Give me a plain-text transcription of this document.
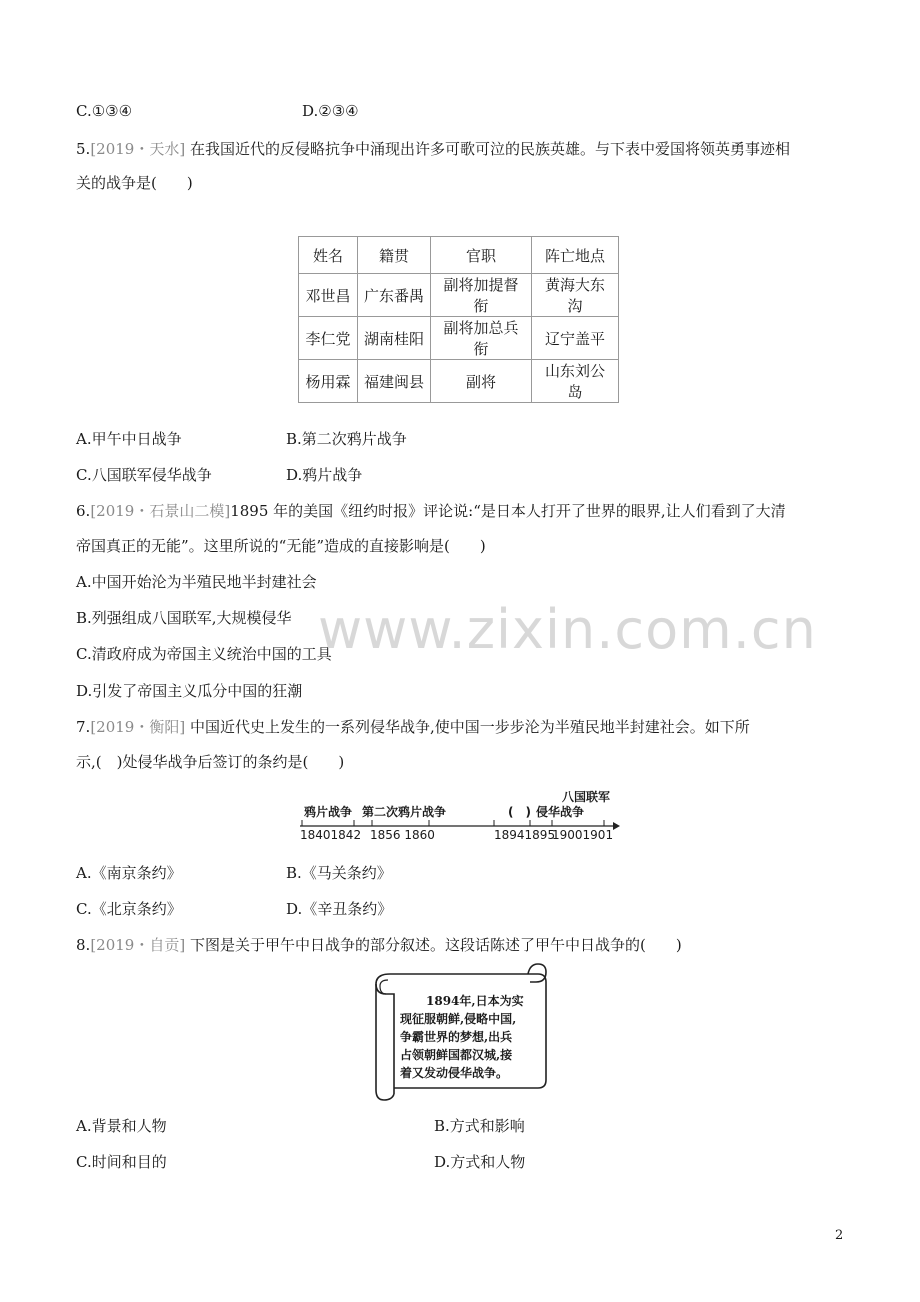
C.①③④	D.②③④
5.[2019・天水] 在我国近代的反侵略抗争中涌现出许多可歌可泣的民族英雄。与下表中爱国将领英勇事迹相
关的战争是(　　)
姓名	籍贯	官职	阵亡地点
邓世昌	广东番禺	副将加提督衔	黄海大东沟
李仁党	湖南桂阳	副将加总兵衔	辽宁盖平
杨用霖	福建闽县	副将	山东刘公岛
A.甲午中日战争	B.第二次鸦片战争
C.八国联军侵华战争	D.鸦片战争
6.[2019・石景山二模]1895 年的美国《纽约时报》评论说:“是日本人打开了世界的眼界,让人们看到了大清
帝国真正的无能”。这里所说的“无能”造成的直接影响是(　　)
A.中国开始沦为半殖民地半封建社会
B.列强组成八国联军,大规模侵华
C.清政府成为帝国主义统治中国的工具
D.引发了帝国主义瓜分中国的狂潮
www.zixin.com.cn
7.[2019・衡阳] 中国近代史上发生的一系列侵华战争,使中国一步步沦为半殖民地半封建社会。如下所
示,(　)处侵华战争后签订的条约是(　　)
鸦片战争 第二次鸦片战争	(　)
八国联军
侵华战争
18401842 1856 1860	18941895
19001901
A.《南京条约》	B.《马关条约》
C.《北京条约》	D.《辛丑条约》
8.[2019・自贡] 下图是关于甲午中日战争的部分叙述。这段话陈述了甲午中日战争的(　　)
1894年,日本为实
现征服朝鲜,侵略中国,
争霸世界的梦想,出兵
占领朝鲜国都汉城,接
着又发动侵华战争。
A.背景和人物	B.方式和影响
C.时间和目的	D.方式和人物
2
